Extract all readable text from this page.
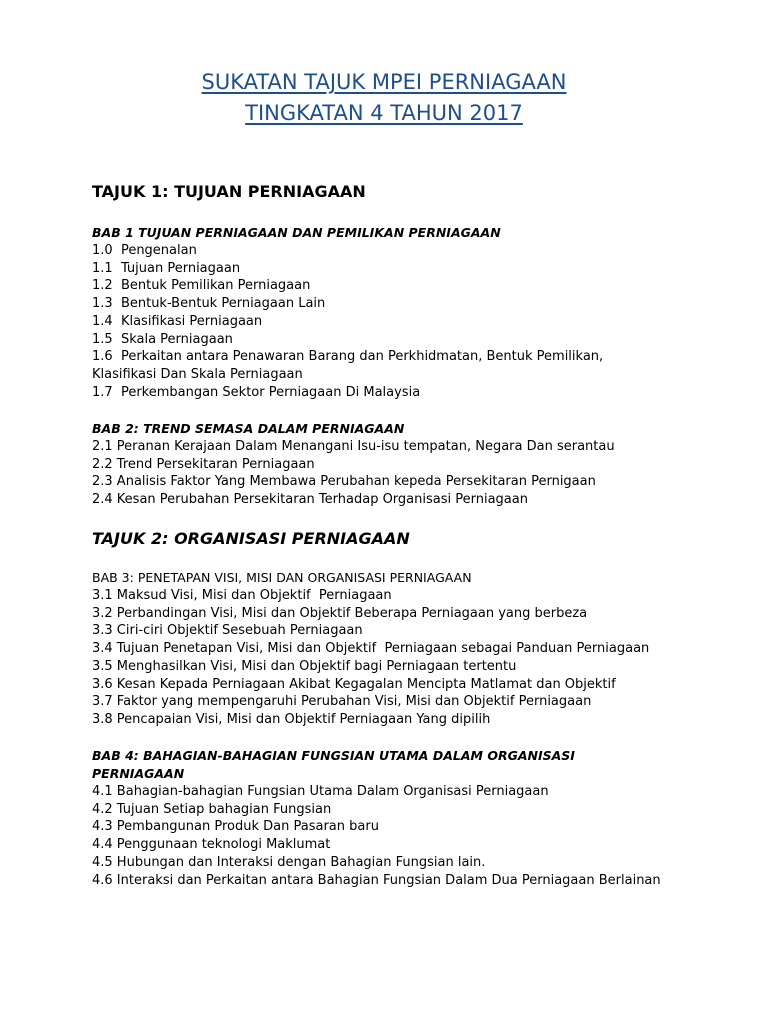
SUKATAN TAJUK MPEI PERNIAGAAN
TINGKATAN 4 TAHUN 2017
TAJUK 1: TUJUAN PERNIAGAAN
BAB 1 TUJUAN PERNIAGAAN DAN PEMILIKAN PERNIAGAAN
1.0  Pengenalan
1.1  Tujuan Perniagaan
1.2  Bentuk Pemilikan Perniagaan
1.3  Bentuk-Bentuk Perniagaan Lain
1.4  Klasifikasi Perniagaan
1.5  Skala Perniagaan
1.6  Perkaitan antara Penawaran Barang dan Perkhidmatan, Bentuk Pemilikan,
Klasifikasi Dan Skala Perniagaan
1.7  Perkembangan Sektor Perniagaan Di Malaysia
BAB 2: TREND SEMASA DALAM PERNIAGAAN
2.1 Peranan Kerajaan Dalam Menangani Isu-isu tempatan, Negara Dan serantau
2.2 Trend Persekitaran Perniagaan
2.3 Analisis Faktor Yang Membawa Perubahan kepeda Persekitaran Pernigaan
2.4 Kesan Perubahan Persekitaran Terhadap Organisasi Perniagaan
TAJUK 2: ORGANISASI PERNIAGAAN
BAB 3: PENETAPAN VISI, MISI DAN ORGANISASI PERNIAGAAN
3.1 Maksud Visi, Misi dan Objektif  Perniagaan
3.2 Perbandingan Visi, Misi dan Objektif Beberapa Perniagaan yang berbeza
3.3 Ciri-ciri Objektif Sesebuah Perniagaan
3.4 Tujuan Penetapan Visi, Misi dan Objektif  Perniagaan sebagai Panduan Perniagaan
3.5 Menghasilkan Visi, Misi dan Objektif bagi Perniagaan tertentu
3.6 Kesan Kepada Perniagaan Akibat Kegagalan Mencipta Matlamat dan Objektif
3.7 Faktor yang mempengaruhi Perubahan Visi, Misi dan Objektif Perniagaan
3.8 Pencapaian Visi, Misi dan Objektif Perniagaan Yang dipilih
BAB 4: BAHAGIAN-BAHAGIAN FUNGSIAN UTAMA DALAM ORGANISASI
PERNIAGAAN
4.1 Bahagian-bahagian Fungsian Utama Dalam Organisasi Perniagaan
4.2 Tujuan Setiap bahagian Fungsian
4.3 Pembangunan Produk Dan Pasaran baru
4.4 Penggunaan teknologi Maklumat
4.5 Hubungan dan Interaksi dengan Bahagian Fungsian lain.
4.6 Interaksi dan Perkaitan antara Bahagian Fungsian Dalam Dua Perniagaan Berlainan
